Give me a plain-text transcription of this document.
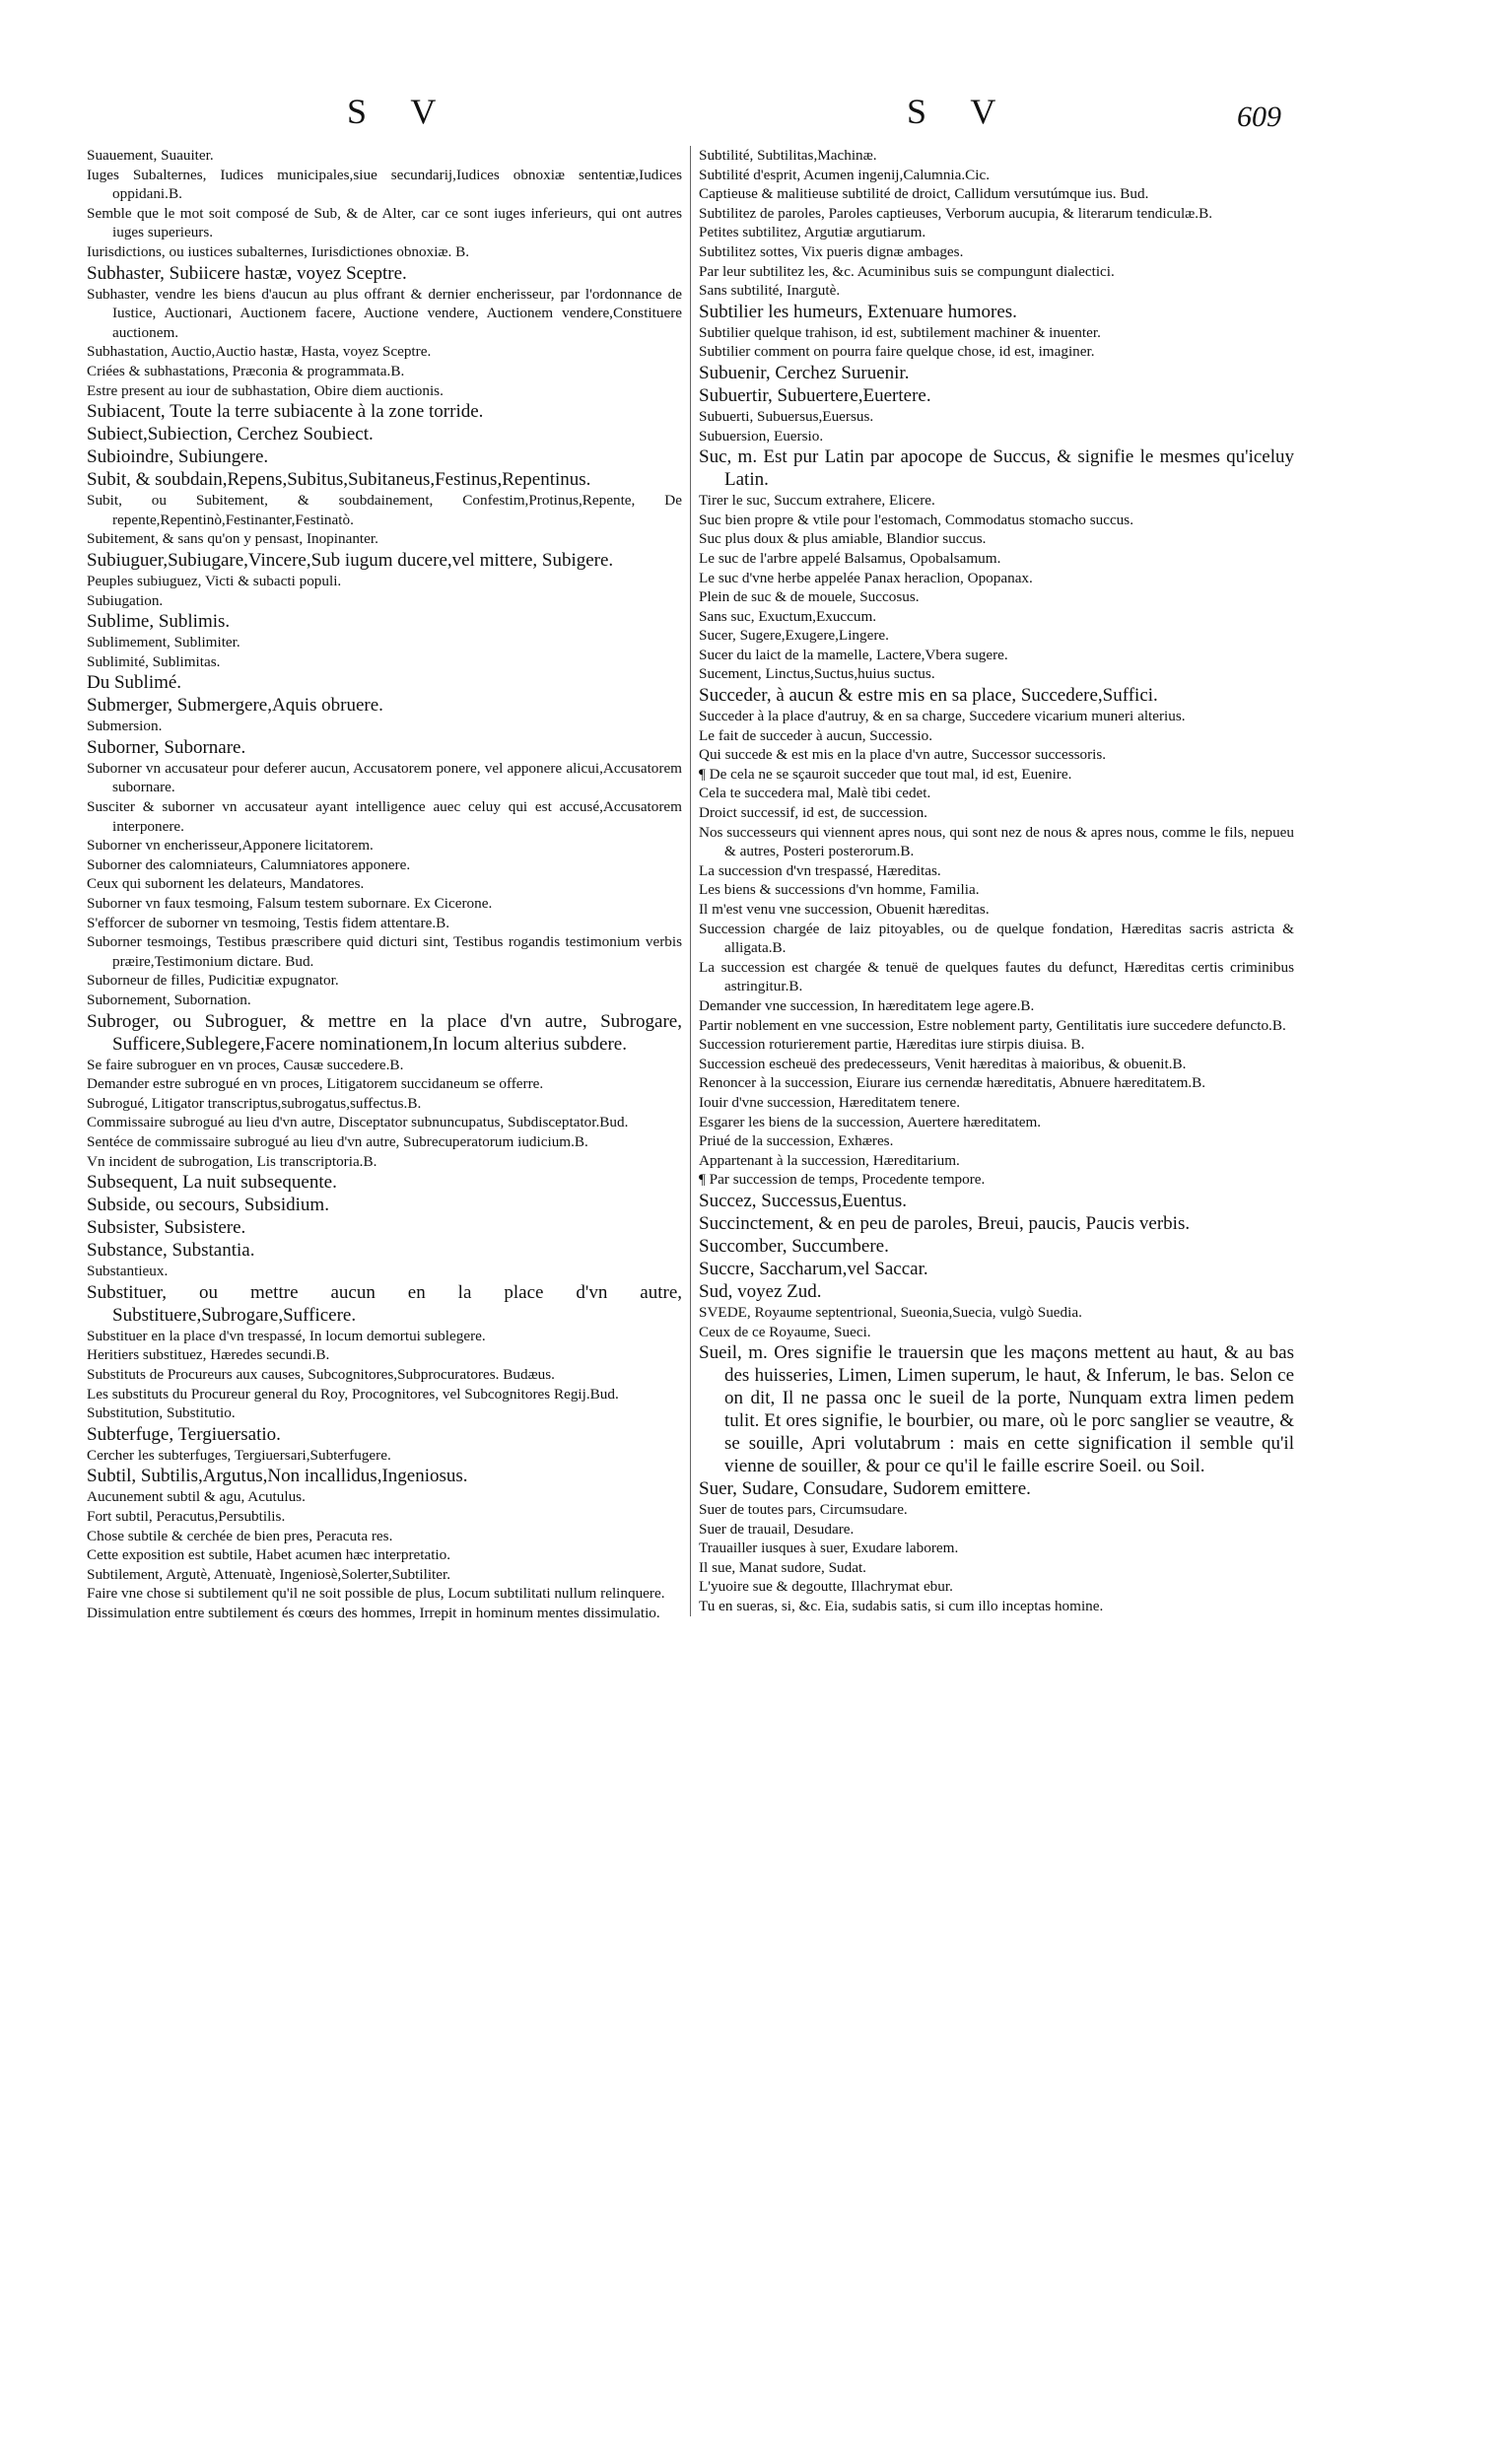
S V	S V	609
Suauement, Suauiter.
Iuges Subalternes, Iudices municipales,siue secundarij,Iudices obnoxiæ sententiæ,Iudices oppidani.B.
Semble que le mot soit composé de Sub, & de Alter, car ce sont iuges inferieurs, qui ont autres iuges superieurs.
Iurisdictions, ou iustices subalternes, Iurisdictiones obnoxiæ. B.
Subhaster, Subiicere hastæ, voyez Sceptre.
Subhaster, vendre les biens d'aucun au plus offrant & dernier encherisseur, par l'ordonnance de Iustice, Auctionari, Auctionem facere, Auctione vendere, Auctionem vendere,Constituere auctionem.
Subhastation, Auctio,Auctio hastæ, Hasta, voyez Sceptre.
Criées & subhastations, Præconia & programmata.B.
Estre present au iour de subhastation, Obire diem auctionis.
Subiacent, Toute la terre subiacente à la zone torride.
Subiect,Subiection, Cerchez Soubiect.
Subioindre, Subiungere.
Subit, & soubdain,Repens,Subitus,Subitaneus,Festinus,Repentinus.
Subit, ou Subitement, & soubdainement, Confestim,Protinus,Repente, De repente,Repentinò,Festinanter,Festinatò.
Subitement, & sans qu'on y pensast, Inopinanter.
Subiuguer,Subiugare,Vincere,Sub iugum ducere,vel mittere, Subigere.
Peuples subiuguez, Victi & subacti populi.
Subiugation.
Sublime, Sublimis.
Sublimement, Sublimiter.
Sublimité, Sublimitas.
Du Sublimé.
Submerger, Submergere,Aquis obruere.
Submersion.
Suborner, Subornare.
Suborner vn accusateur pour deferer aucun, Accusatorem ponere, vel apponere alicui,Accusatorem subornare.
Susciter & suborner vn accusateur ayant intelligence auec celuy qui est accusé,Accusatorem interponere.
Suborner vn encherisseur,Apponere licitatorem.
Suborner des calomniateurs, Calumniatores apponere.
Ceux qui subornent les delateurs, Mandatores.
Suborner vn faux tesmoing, Falsum testem subornare. Ex Cicerone.
S'efforcer de suborner vn tesmoing, Testis fidem attentare.B.
Suborner tesmoings, Testibus præscribere quid dicturi sint, Testibus rogandis testimonium verbis præire,Testimonium dictare. Bud.
Suborneur de filles, Pudicitiæ expugnator.
Subornement, Subornation.
Subroger, ou Subroguer, & mettre en la place d'vn autre, Subrogare, Sufficere,Sublegere,Facere nominationem,In locum alterius subdere.
Se faire subroguer en vn proces, Causæ succedere.B.
Demander estre subrogué en vn proces, Litigatorem succidaneum se offerre.
Subrogué, Litigator transcriptus,subrogatus,suffectus.B.
Commissaire subrogué au lieu d'vn autre, Disceptator subnuncupatus, Subdisceptator.Bud.
Sentéce de commissaire subrogué au lieu d'vn autre, Subrecuperatorum iudicium.B.
Vn incident de subrogation, Lis transcriptoria.B.
Subsequent, La nuit subsequente.
Subside, ou secours, Subsidium.
Subsister, Subsistere.
Substance, Substantia.
Substantieux.
Substituer, ou mettre aucun en la place d'vn autre, Substituere,Subrogare,Sufficere.
Substituer en la place d'vn trespassé, In locum demortui sublegere.
Heritiers substituez, Hæredes secundi.B.
Substituts de Procureurs aux causes, Subcognitores,Subprocuratores. Budæus.
Les substituts du Procureur general du Roy, Procognitores, vel Subcognitores Regij.Bud.
Substitution, Substitutio.
Subterfuge, Tergiuersatio.
Cercher les subterfuges, Tergiuersari,Subterfugere.
Subtil, Subtilis,Argutus,Non incallidus,Ingeniosus.
Aucunement subtil & agu, Acutulus.
Fort subtil, Peracutus,Persubtilis.
Chose subtile & cerchée de bien pres, Peracuta res.
Cette exposition est subtile, Habet acumen hæc interpretatio.
Subtilement, Argutè, Attenuatè, Ingeniosè,Solerter,Subtiliter.
Faire vne chose si subtilement qu'il ne soit possible de plus, Locum subtilitati nullum relinquere.
Dissimulation entre subtilement és cœurs des hommes, Irrepit in hominum mentes dissimulatio.
Subtilité, Subtilitas,Machinæ.
Subtilité d'esprit, Acumen ingenij,Calumnia.Cic.
Captieuse & malitieuse subtilité de droict, Callidum versutúmque ius. Bud.
Subtilitez de paroles, Paroles captieuses, Verborum aucupia, & literarum tendiculæ.B.
Petites subtilitez, Argutiæ argutiarum.
Subtilitez sottes, Vix pueris dignæ ambages.
Par leur subtilitez les, &c. Acuminibus suis se compungunt dialectici.
Sans subtilité, Inargutè.
Subtilier les humeurs, Extenuare humores.
Subtilier quelque trahison, id est, subtilement machiner & inuenter.
Subtilier comment on pourra faire quelque chose, id est, imaginer.
Subuenir, Cerchez Suruenir.
Subuertir, Subuertere,Euertere.
Subuerti, Subuersus,Euersus.
Subuersion, Euersio.
Suc, m. Est pur Latin par apocope de Succus, & signifie le mesmes qu'iceluy Latin.
Tirer le suc, Succum extrahere, Elicere.
Suc bien propre & vtile pour l'estomach, Commodatus stomacho succus.
Suc plus doux & plus amiable, Blandior succus.
Le suc de l'arbre appelé Balsamus, Opobalsamum.
Le suc d'vne herbe appelée Panax heraclion, Opopanax.
Plein de suc & de mouele, Succosus.
Sans suc, Exuctum,Exuccum.
Sucer, Sugere,Exugere,Lingere.
Sucer du laict de la mamelle, Lactere,Vbera sugere.
Sucement, Linctus,Suctus,huius suctus.
Succeder, à aucun & estre mis en sa place, Succedere,Suffici.
Succeder à la place d'autruy, & en sa charge, Succedere vicarium muneri alterius.
Le fait de succeder à aucun, Successio.
Qui succede & est mis en la place d'vn autre, Successor successoris.
¶ De cela ne se sçauroit succeder que tout mal, id est, Euenire.
Cela te succedera mal, Malè tibi cedet.
Droict successif, id est, de succession.
Nos successeurs qui viennent apres nous, qui sont nez de nous & apres nous, comme le fils, nepueu & autres, Posteri posterorum.B.
La succession d'vn trespassé, Hæreditas.
Les biens & successions d'vn homme, Familia.
Il m'est venu vne succession, Obuenit hæreditas.
Succession chargée de laiz pitoyables, ou de quelque fondation, Hæreditas sacris astricta & alligata.B.
La succession est chargée & tenuë de quelques fautes du defunct, Hæreditas certis criminibus astringitur.B.
Demander vne succession, In hæreditatem lege agere.B.
Partir noblement en vne succession, Estre noblement party, Gentilitatis iure succedere defuncto.B.
Succession roturierement partie, Hæreditas iure stirpis diuisa. B.
Succession escheuë des predecesseurs, Venit hæreditas à maioribus, & obuenit.B.
Renoncer à la succession, Eiurare ius cernendæ hæreditatis, Abnuere hæreditatem.B.
Iouir d'vne succession, Hæreditatem tenere.
Esgarer les biens de la succession, Auertere hæreditatem.
Priué de la succession, Exhæres.
Appartenant à la succession, Hæreditarium.
¶ Par succession de temps, Procedente tempore.
Succez, Successus,Euentus.
Succinctement, & en peu de paroles, Breui, paucis, Paucis verbis.
Succomber, Succumbere.
Succre, Saccharum,vel Saccar.
Sud, voyez Zud.
SVEDE, Royaume septentrional, Sueonia,Suecia, vulgò Suedia.
Ceux de ce Royaume, Sueci.
Sueil, m. Ores signifie le trauersin que les maçons mettent au haut, & au bas des huisseries, Limen, Limen superum, le haut, & Inferum, le bas. Selon ce on dit, Il ne passa onc le sueil de la porte, Nunquam extra limen pedem tulit. Et ores signifie, le bourbier, ou mare, où le porc sanglier se veautre, & se souille, Apri volutabrum : mais en cette signification il semble qu'il vienne de souiller, & pour ce qu'il le faille escrire Soeil. ou Soil.
Suer, Sudare, Consudare, Sudorem emittere.
Suer de toutes pars, Circumsudare.
Suer de trauail, Desudare.
Trauailler iusques à suer, Exudare laborem.
Il sue, Manat sudore, Sudat.
L'yuoire sue & degoutte, Illachrymat ebur.
Tu en sueras, si, &c. Eia, sudabis satis, si cum illo inceptas homine.
